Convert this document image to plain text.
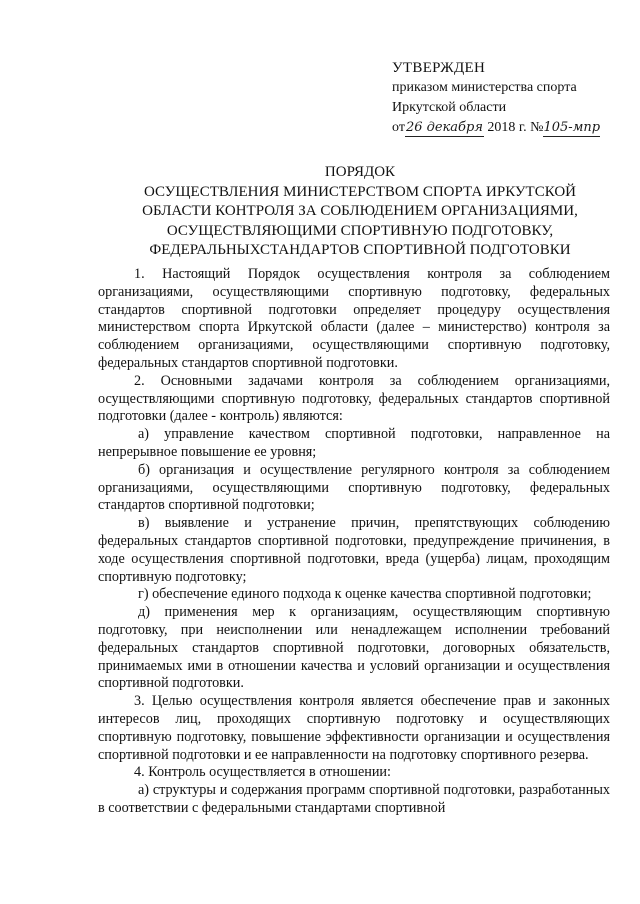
УТВЕРЖДЕН
приказом министерства спорта
Иркутской области
от26 декабря 2018 г. №105-мпр
ПОРЯДОК
ОСУЩЕСТВЛЕНИЯ МИНИСТЕРСТВОМ СПОРТА ИРКУТСКОЙ
ОБЛАСТИ КОНТРОЛЯ ЗА СОБЛЮДЕНИЕМ ОРГАНИЗАЦИЯМИ,
ОСУЩЕСТВЛЯЮЩИМИ СПОРТИВНУЮ ПОДГОТОВКУ,
ФЕДЕРАЛЬНЫХСТАНДАРТОВ СПОРТИВНОЙ ПОДГОТОВКИ

1. Настоящий Порядок осуществления контроля за соблюдением организациями, осуществляющими спортивную подготовку, федеральных стандартов спортивной подготовки определяет процедуру осуществления министерством спорта Иркутской области (далее – министерство) контроля за соблюдением организациями, осуществляющими спортивную подготовку, федеральных стандартов спортивной подготовки.

2. Основными задачами контроля за соблюдением организациями, осуществляющими спортивную подготовку, федеральных стандартов спортивной подготовки (далее - контроль) являются:

а) управление качеством спортивной подготовки, направленное на непрерывное повышение ее уровня;

б) организация и осуществление регулярного контроля за соблюдением организациями, осуществляющими спортивную подготовку, федеральных стандартов спортивной подготовки;

в) выявление и устранение причин, препятствующих соблюдению федеральных стандартов спортивной подготовки, предупреждение причинения, в ходе осуществления спортивной подготовки, вреда (ущерба) лицам, проходящим спортивную подготовку;

г) обеспечение единого подхода к оценке качества спортивной подготовки;

д) применения мер к организациям, осуществляющим спортивную подготовку, при неисполнении или ненадлежащем исполнении требований федеральных стандартов спортивной подготовки, договорных обязательств, принимаемых ими в отношении качества и условий организации и осуществления спортивной подготовки.

3. Целью осуществления контроля является обеспечение прав и законных интересов лиц, проходящих спортивную подготовку и осуществляющих спортивную подготовку, повышение эффективности организации и осуществления спортивной подготовки и ее направленности на подготовку спортивного резерва.

4. Контроль осуществляется в отношении:

а) структуры и содержания программ спортивной подготовки, разработанных в соответствии с федеральными стандартами спортивной
